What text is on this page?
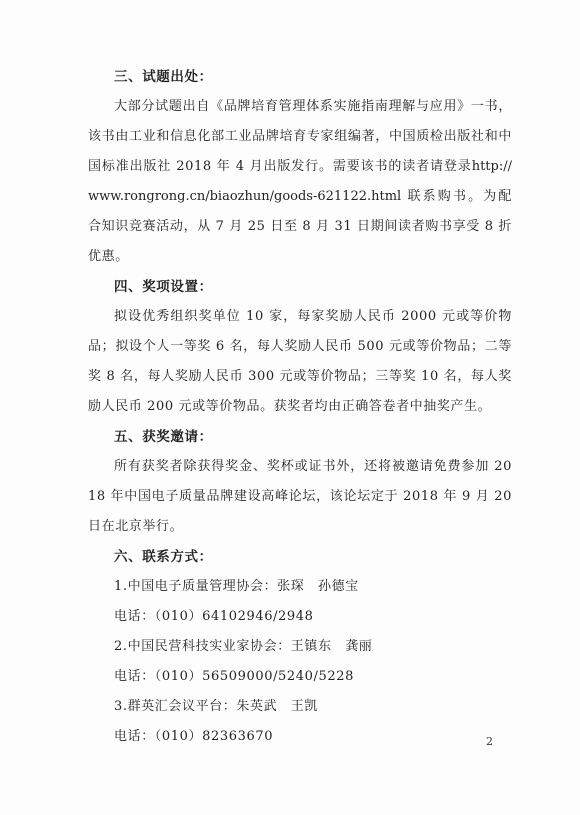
三、试题出处：

大部分试题出自《品牌培育管理体系实施指南理解与应用》一书，该书由工业和信息化部工业品牌培育专家组编著，中国质检出版社和中国标准出版社 2018 年 4 月出版发行。需要该书的读者请登录http://www.rongrong.cn/biaozhun/goods-621122.html 联系购书。为配合知识竞赛活动，从 7 月 25 日至 8 月 31 日期间读者购书享受 8 折优惠。

四、奖项设置：

拟设优秀组织奖单位 10 家，每家奖励人民币 2000 元或等价物品；拟设个人一等奖 6 名，每人奖励人民币 500 元或等价物品；二等奖 8 名，每人奖励人民币 300 元或等价物品；三等奖 10 名，每人奖励人民币 200 元或等价物品。获奖者均由正确答卷者中抽奖产生。

五、获奖邀请：

所有获奖者除获得奖金、奖杯或证书外，还将被邀请免费参加 2018 年中国电子质量品牌建设高峰论坛，该论坛定于 2018 年 9 月 20 日在北京举行。

六、联系方式：

1.中国电子质量管理协会：张琛　孙德宝

电话：（010）64102946/2948

2.中国民营科技实业家协会：王镇东　龚丽

电话：（010）56509000/5240/5228

3.群英汇会议平台：朱英武　王凯

电话：（010）82363670	2
